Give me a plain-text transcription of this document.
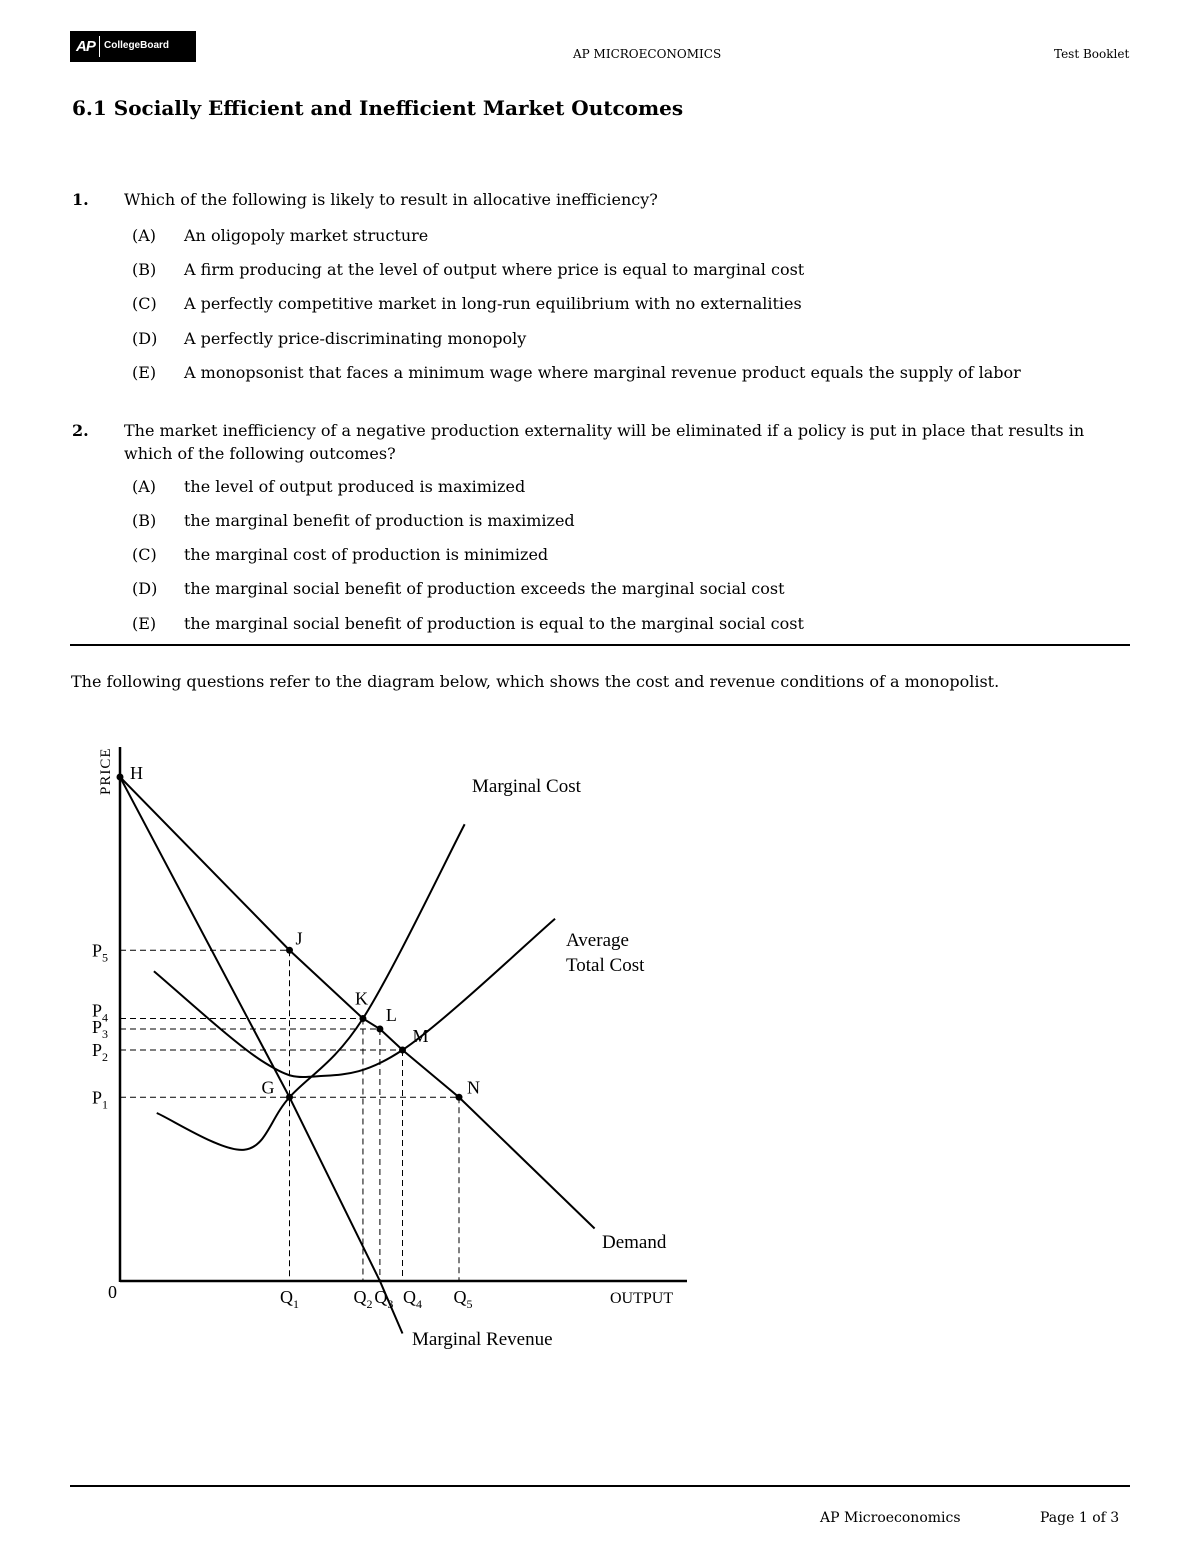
AP CollegeBoard
AP MICROECONOMICS	Test Booklet
6.1 Socially Efficient and Inefficient Market Outcomes
1. Which of the following is likely to result in allocative inefficiency?
(A) An oligopoly market structure
(B) A firm producing at the level of output where price is equal to marginal cost
(C) A perfectly competitive market in long-run equilibrium with no externalities
(D) A perfectly price-discriminating monopoly
(E) A monopsonist that faces a minimum wage where marginal revenue product equals the supply of labor
2. The market inefficiency of a negative production externality will be eliminated if a policy is put in place that results in which of the following outcomes?
(A) the level of output produced is maximized
(B) the marginal benefit of production is maximized
(C) the marginal cost of production is minimized
(D) the marginal social benefit of production exceeds the marginal social cost
(E) the marginal social benefit of production is equal to the marginal social cost
The following questions refer to the diagram below, which shows the cost and revenue conditions of a monopolist.
H
J
K
L
M
G	N
$P_1$
$P_2$
$P_3$
$P_4$
$P_5$
$Q_1$	$Q_2$ $Q_3$ $Q_4$ $Q_5$
PRICE
OUTPUT
0
Marginal Cost
Average
Total Cost
Demand
Marginal Revenue
AP Microeconomics	Page 1 of 3
